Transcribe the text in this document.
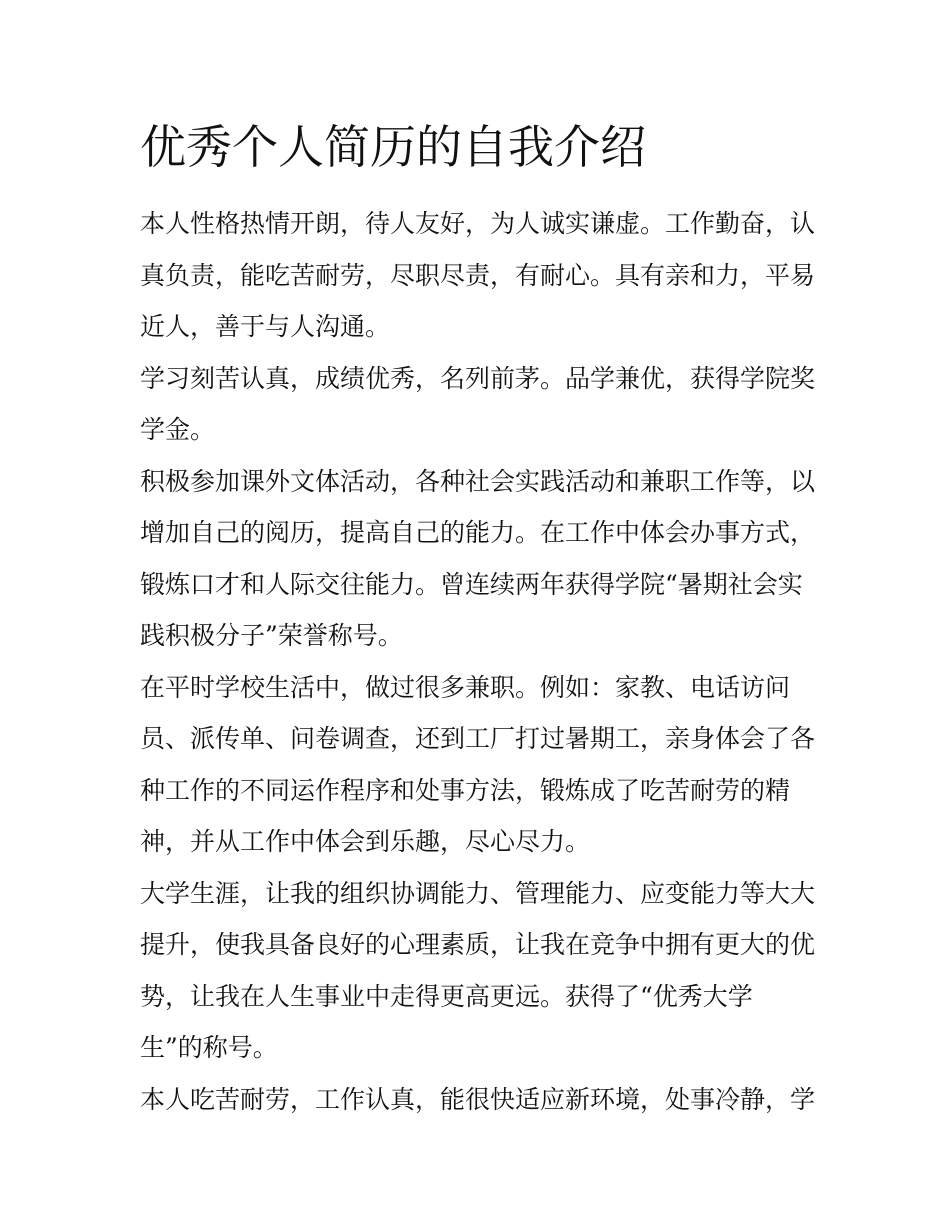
优秀个人简历的自我介绍

本人性格热情开朗，待人友好，为人诚实谦虚。工作勤奋，认真负责，能吃苦耐劳，尽职尽责，有耐心。具有亲和力，平易近人，善于与人沟通。

学习刻苦认真，成绩优秀，名列前茅。品学兼优，获得学院奖学金。

积极参加课外文体活动，各种社会实践活动和兼职工作等，以增加自己的阅历，提高自己的能力。在工作中体会办事方式，锻炼口才和人际交往能力。曾连续两年获得学院“暑期社会实践积极分子”荣誉称号。

在平时学校生活中，做过很多兼职。例如：家教、电话访问员、派传单、问卷调查，还到工厂打过暑期工，亲身体会了各种工作的不同运作程序和处事方法，锻炼成了吃苦耐劳的精神，并从工作中体会到乐趣，尽心尽力。

大学生涯，让我的组织协调能力、管理能力、应变能力等大大提升，使我具备良好的心理素质，让我在竞争中拥有更大的优势，让我在人生事业中走得更高更远。获得了“优秀大学生”的称号。

本人吃苦耐劳，工作认真，能很快适应新环境，处事冷静，学
